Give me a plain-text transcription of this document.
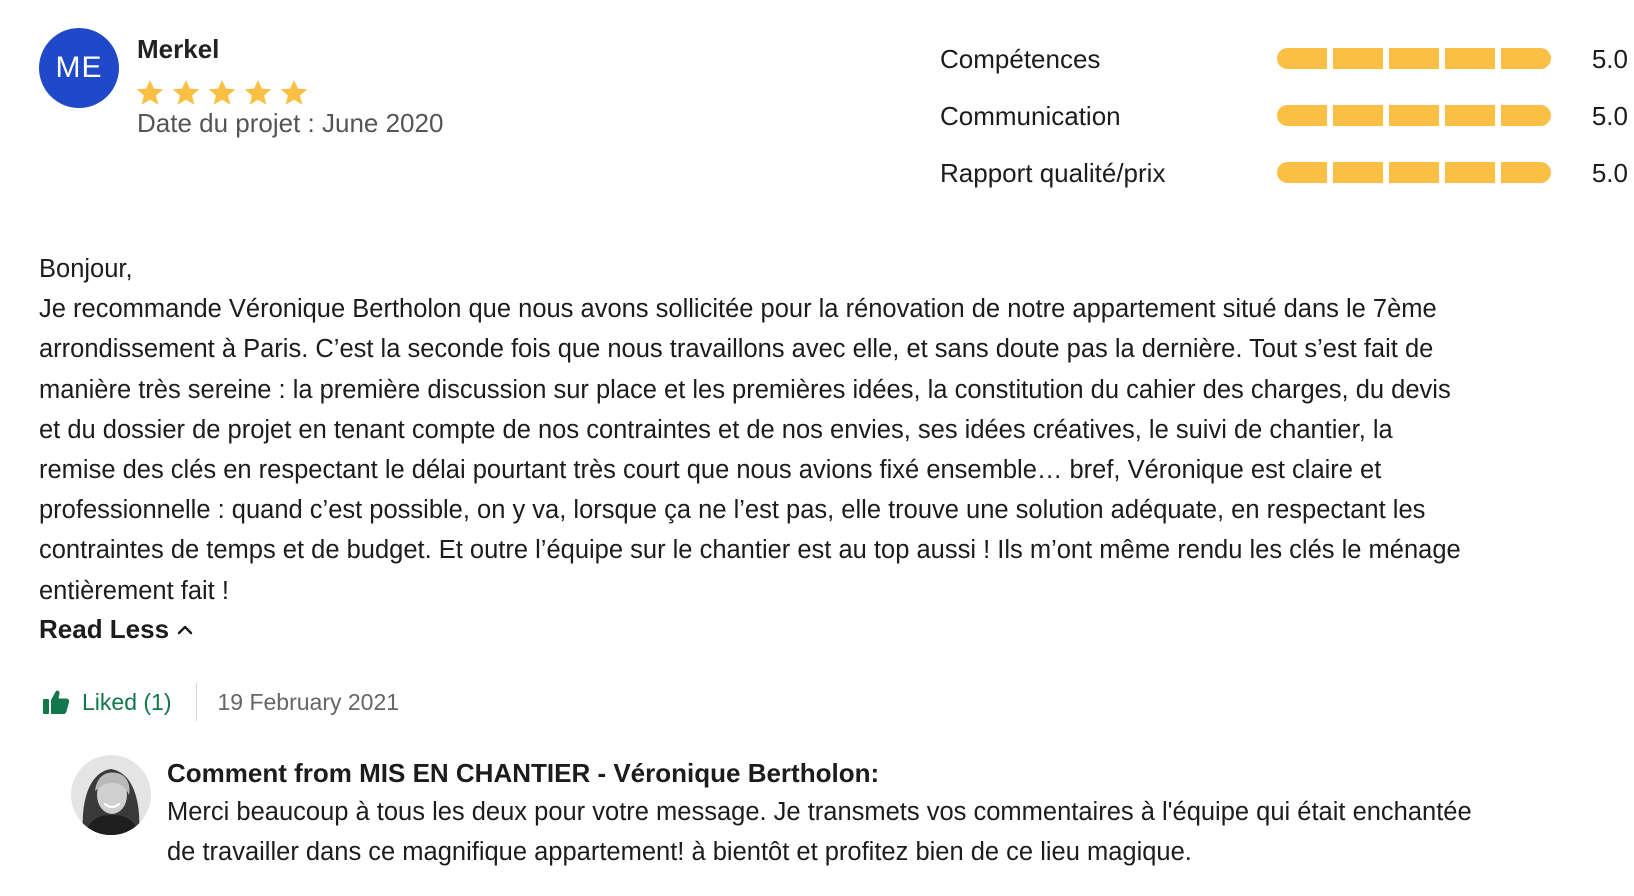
ME
Merkel
Date du projet : June 2020
Compétences	5.0
Communication	5.0
Rapport qualité/prix	5.0

Bonjour,

Je recommande Véronique Bertholon que nous avons sollicitée pour la rénovation de notre appartement situé dans le 7ème

arrondissement à Paris. C’est la seconde fois que nous travaillons avec elle, et sans doute pas la dernière. Tout s’est fait de

manière très sereine : la première discussion sur place et les premières idées, la constitution du cahier des charges, du devis

et du dossier de projet en tenant compte de nos contraintes et de nos envies, ses idées créatives, le suivi de chantier, la

remise des clés en respectant le délai pourtant très court que nous avions fixé ensemble… bref, Véronique est claire et

professionnelle : quand c’est possible, on y va, lorsque ça ne l’est pas, elle trouve une solution adéquate, en respectant les

contraintes de temps et de budget. Et outre l’équipe sur le chantier est au top aussi ! Ils m’ont même rendu les clés le ménage

entièrement fait !

Read Less
Liked (1) 19 February 2021
Comment from MIS EN CHANTIER - Véronique Bertholon:

Merci beaucoup à tous les deux pour votre message. Je transmets vos commentaires à l'équipe qui était enchantée

de travailler dans ce magnifique appartement! à bientôt et profitez bien de ce lieu magique.
